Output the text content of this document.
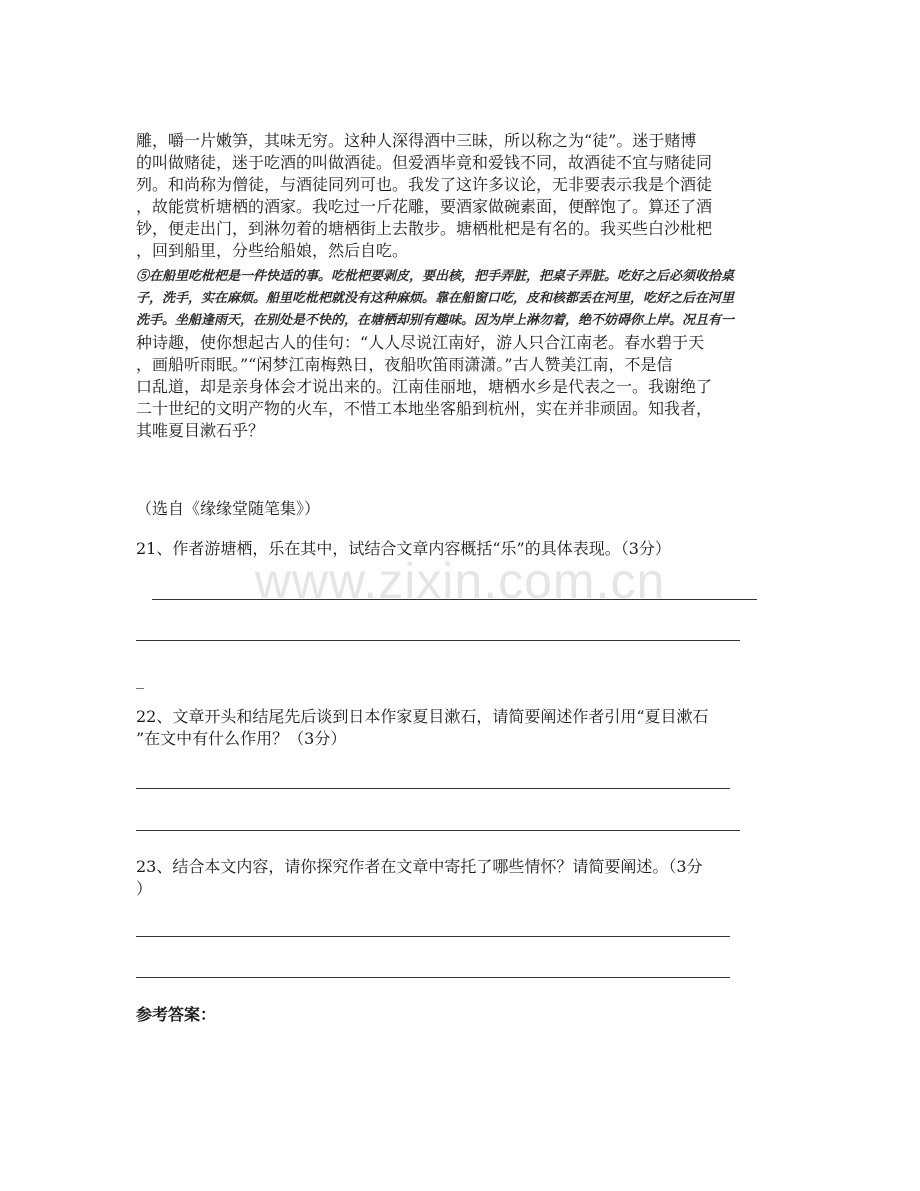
www.zixin.com.cn
雕，嚼一片嫩笋，其味无穷。这种人深得酒中三昧，所以称之为“徒”。迷于赌博
的叫做赌徒，迷于吃酒的叫做酒徒。但爱酒毕竟和爱钱不同，故酒徒不宜与赌徒同
列。和尚称为僧徒，与酒徒同列可也。我发了这许多议论，无非要表示我是个酒徒
，故能赏析塘栖的酒家。我吃过一斤花雕，要酒家做碗素面，便醉饱了。算还了酒
钞，便走出门，到淋勿着的塘栖街上去散步。塘栖枇杷是有名的。我买些白沙枇杷
，回到船里，分些给船娘，然后自吃。
⑤在船里吃枇杷是一件快适的事。吃枇杷要剥皮，要出核，把手弄脏，把桌子弄脏。吃好之后必须收拾桌
子，洗手，实在麻烦。船里吃枇杷就没有这种麻烦。靠在船窗口吃，皮和核都丢在河里，吃好之后在河里
洗手。坐船逢雨天，在别处是不快的，在塘栖却别有趣味。因为岸上淋勿着，绝不妨碍你上岸。况且有一
种诗趣，使你想起古人的佳句：“人人尽说江南好，游人只合江南老。春水碧于天
，画船听雨眠。”“闲梦江南梅熟日，夜船吹笛雨潇潇。”古人赞美江南，不是信
口乱道，却是亲身体会才说出来的。江南佳丽地，塘栖水乡是代表之一。我谢绝了
二十世纪的文明产物的火车，不惜工本地坐客船到杭州，实在并非顽固。知我者，
其唯夏目漱石乎？
（选自《缘缘堂随笔集》）
21、作者游塘栖，乐在其中，试结合文章内容概括“乐”的具体表现。（3分）
_
22、文章开头和结尾先后谈到日本作家夏目漱石，请简要阐述作者引用“夏目漱石
”在文中有什么作用？（3分）
23、结合本文内容，请你探究作者在文章中寄托了哪些情怀？请简要阐述。（3分
）
参考答案：
